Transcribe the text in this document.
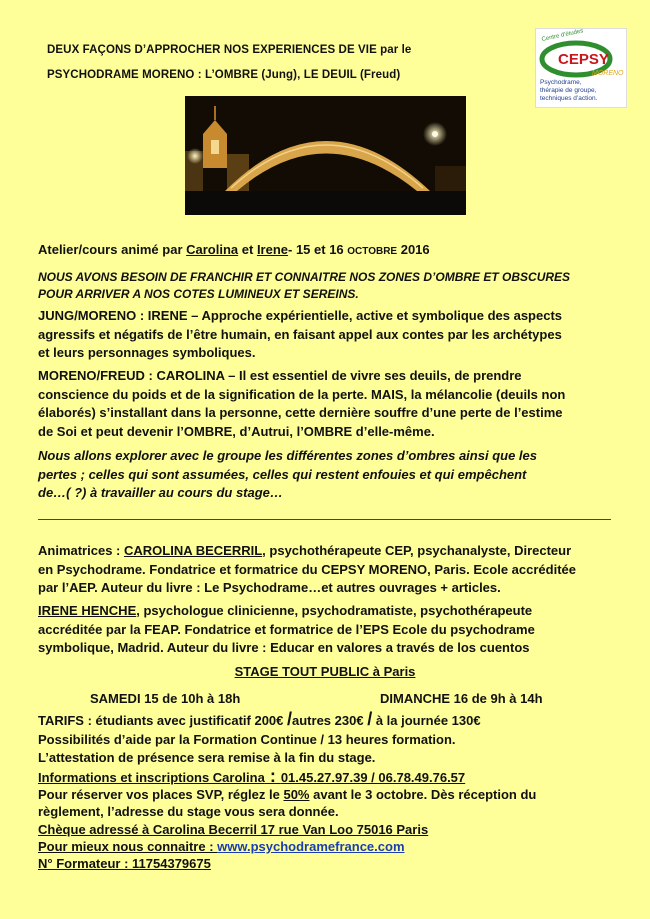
DEUX FAÇONS D’APPROCHER NOS EXPERIENCES DE VIE par le
PSYCHODRAME MORENO : L’OMBRE (Jung), LE DEUIL (Freud)
Centre d’études
CEPSY
MORENO
Psychodrame,
thérapie de groupe,
techniques d’action.
Atelier/cours animé par Carolina et Irene- 15 et 16 OCTOBRE 2016
NOUS AVONS BESOIN DE FRANCHIR ET CONNAITRE NOS ZONES D’OMBRE ET OBSCURES
POUR ARRIVER A NOS COTES LUMINEUX ET SEREINS.
JUNG/MORENO : IRENE – Approche expérientielle, active et symbolique des aspects
agressifs et négatifs de l’être humain, en faisant appel aux contes par les archétypes
et leurs personnages symboliques.
MORENO/FREUD : CAROLINA – Il est essentiel de vivre ses deuils, de prendre
conscience du poids et de la signification de la perte. MAIS, la mélancolie (deuils non
élaborés) s’installant dans la personne, cette dernière souffre d’une perte de l’estime
de Soi et peut devenir l’OMBRE, d’Autrui, l’OMBRE d’elle-même.
Nous allons explorer avec le groupe les différentes zones d’ombres ainsi que les
pertes ; celles qui sont assumées, celles qui restent enfouies et qui empêchent
de…( ?) à travailler au cours du stage…
Animatrices : CAROLINA BECERRIL, psychothérapeute CEP, psychanalyste, Directeur
en Psychodrame. Fondatrice et formatrice du CEPSY MORENO, Paris. Ecole accréditée
par l’AEP. Auteur du livre : Le Psychodrame…et autres ouvrages + articles.
IRENE HENCHE, psychologue clinicienne, psychodramatiste, psychothérapeute
accréditée par la FEAP. Fondatrice et formatrice de l’EPS Ecole du psychodrame
symbolique, Madrid. Auteur du livre : Educar en valores a través de los cuentos
STAGE TOUT PUBLIC à Paris
SAMEDI 15 de 10h à 18h	DIMANCHE 16 de 9h à 14h
TARIFS : étudiants avec justificatif 200€ /autres 230€ / à la journée 130€
Possibilités d’aide par la Formation Continue / 13 heures formation.
L’attestation de présence sera remise à la fin du stage.
Informations et inscriptions Carolina : 01.45.27.97.39 / 06.78.49.76.57
Pour réserver vos places SVP, réglez le 50% avant le 3 octobre. Dès réception du
règlement, l’adresse du stage vous sera donnée.
Chèque adressé à Carolina Becerril 17 rue Van Loo 75016 Paris
Pour mieux nous connaitre : www.psychodramefrance.com
N° Formateur : 11754379675
